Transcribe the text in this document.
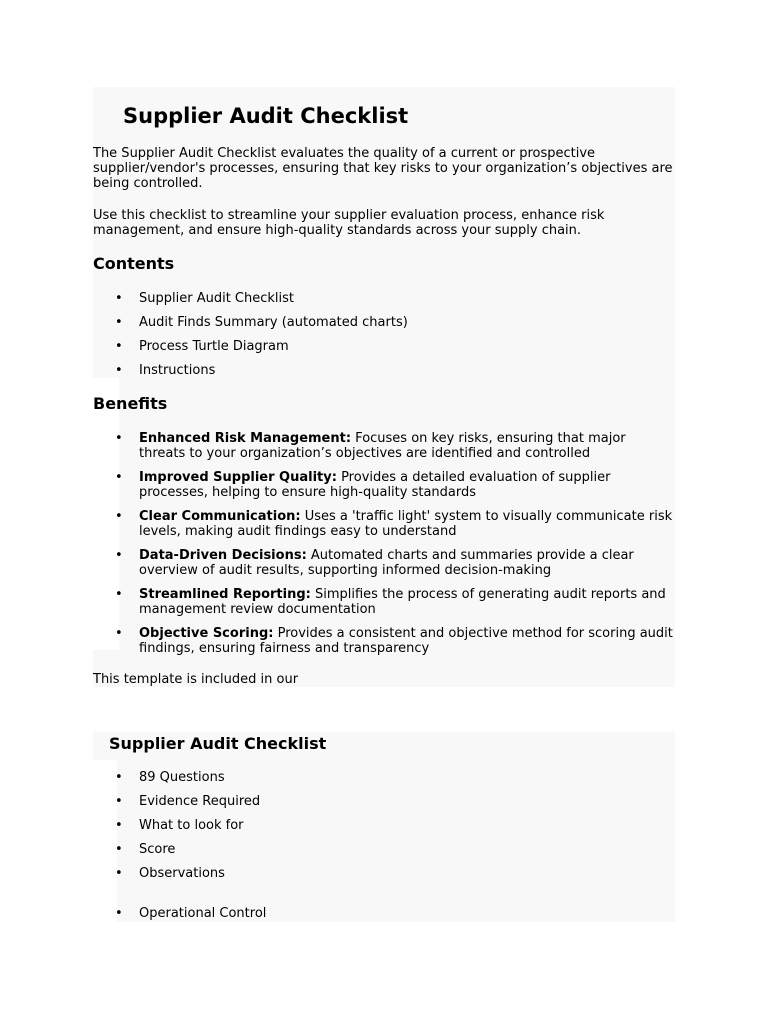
Supplier Audit Checklist

The Supplier Audit Checklist evaluates the quality of a current or prospective supplier/vendor's processes, ensuring that key risks to your organization’s objectives are being controlled.

Use this checklist to streamline your supplier evaluation process, enhance risk management, and ensure high-quality standards across your supply chain.

Contents
• Supplier Audit Checklist
• Audit Finds Summary (automated charts)
• Process Turtle Diagram
• Instructions
Benefits
• Enhanced Risk Management: Focuses on key risks, ensuring that major threats to your organization’s objectives are identified and controlled
• Improved Supplier Quality: Provides a detailed evaluation of supplier processes, helping to ensure high-quality standards
• Clear Communication: Uses a 'traffic light' system to visually communicate risk levels, making audit findings easy to understand
• Data-Driven Decisions: Automated charts and summaries provide a clear overview of audit results, supporting informed decision-making
• Streamlined Reporting: Simplifies the process of generating audit reports and management review documentation
• Objective Scoring: Provides a consistent and objective method for scoring audit findings, ensuring fairness and transparency

This template is included in our

Supplier Audit Checklist
• 89 Questions
• Evidence Required
• What to look for
• Score
• Observations
• Operational Control
